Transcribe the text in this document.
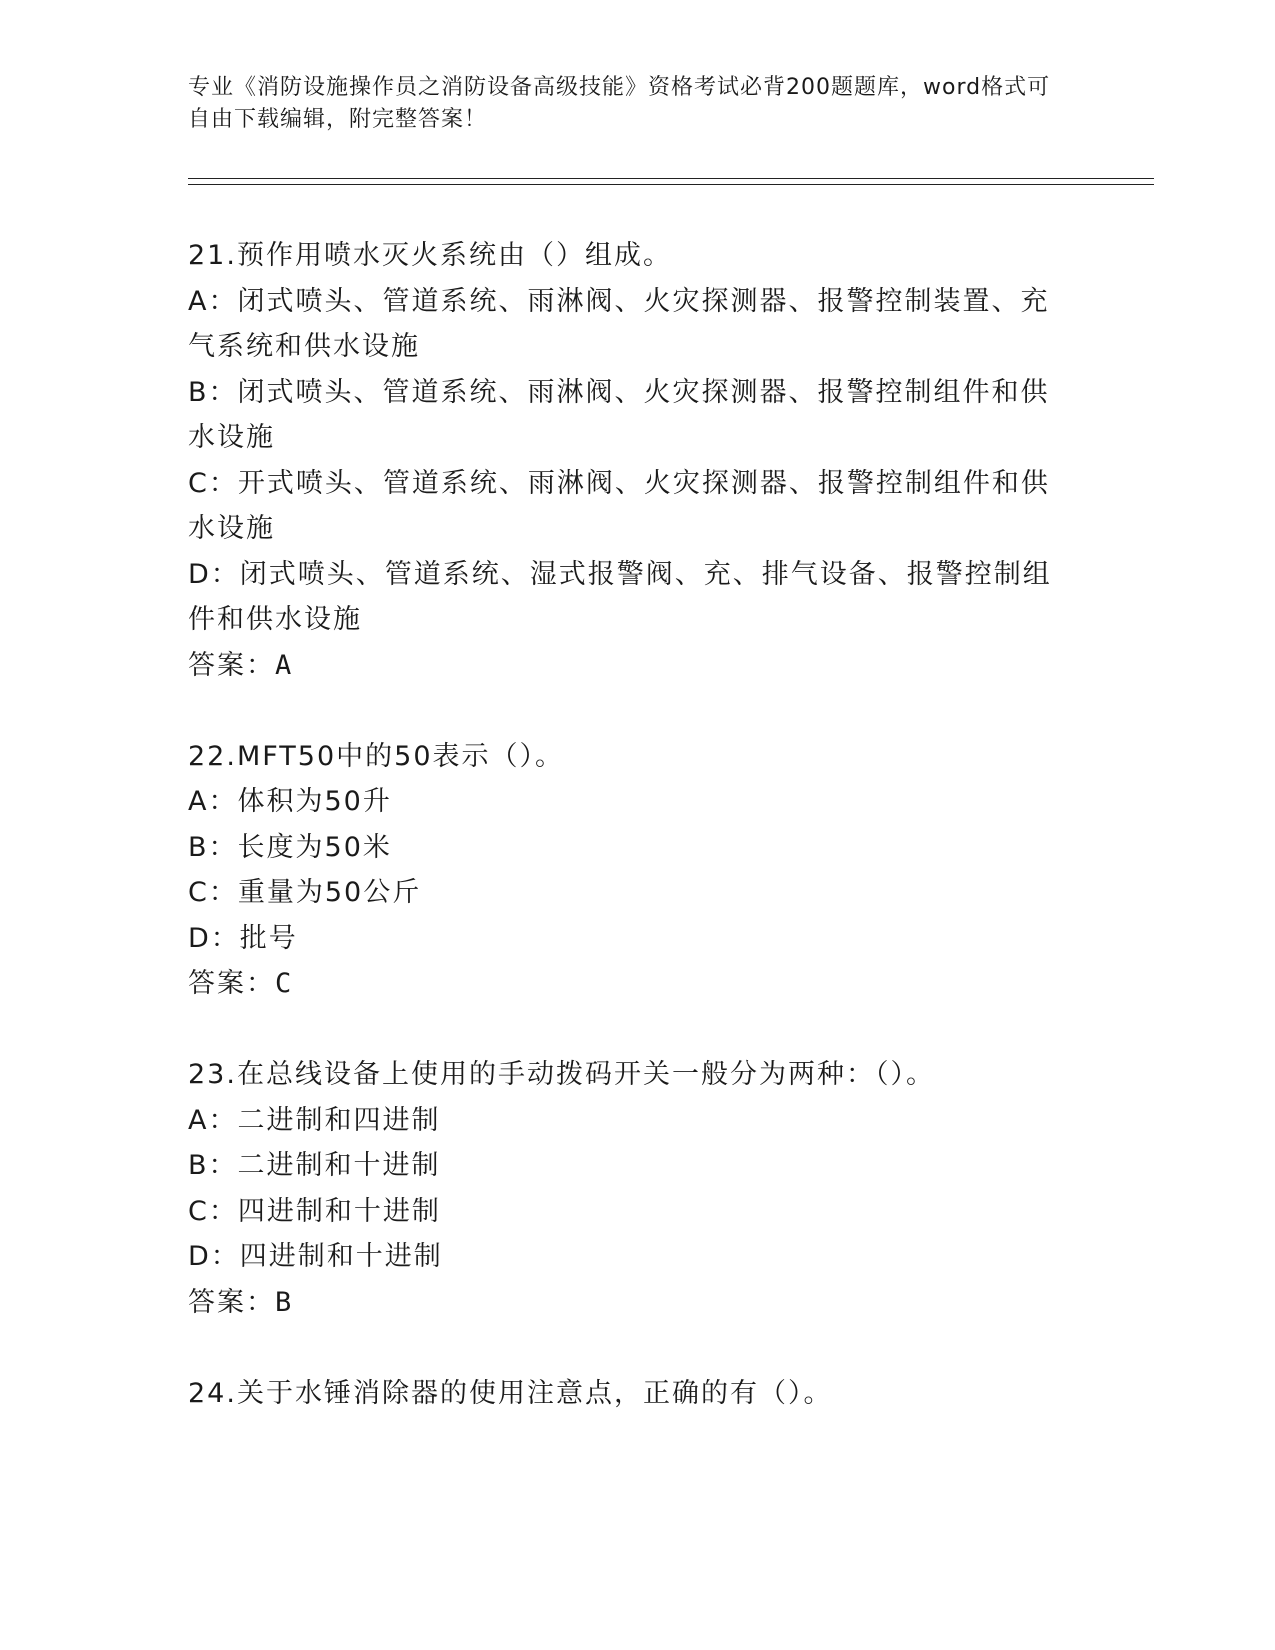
专业《消防设施操作员之消防设备高级技能》资格考试必背200题题库，word格式可自由下载编辑，附完整答案！
21.预作用喷水灭火系统由（）组成。
A：闭式喷头、管道系统、雨淋阀、火灾探测器、报警控制装置、充气系统和供水设施
B：闭式喷头、管道系统、雨淋阀、火灾探测器、报警控制组件和供水设施
C：开式喷头、管道系统、雨淋阀、火灾探测器、报警控制组件和供水设施
D：闭式喷头、管道系统、湿式报警阀、充、排气设备、报警控制组件和供水设施
答案：A
22.MFT50中的50表示（）。
A：体积为50升
B：长度为50米
C：重量为50公斤
D：批号
答案：C
23.在总线设备上使用的手动拨码开关一般分为两种：（）。
A：二进制和四进制
B：二进制和十进制
C：四进制和十进制
D：四进制和十进制
答案：B
24.关于水锤消除器的使用注意点，正确的有（）。
